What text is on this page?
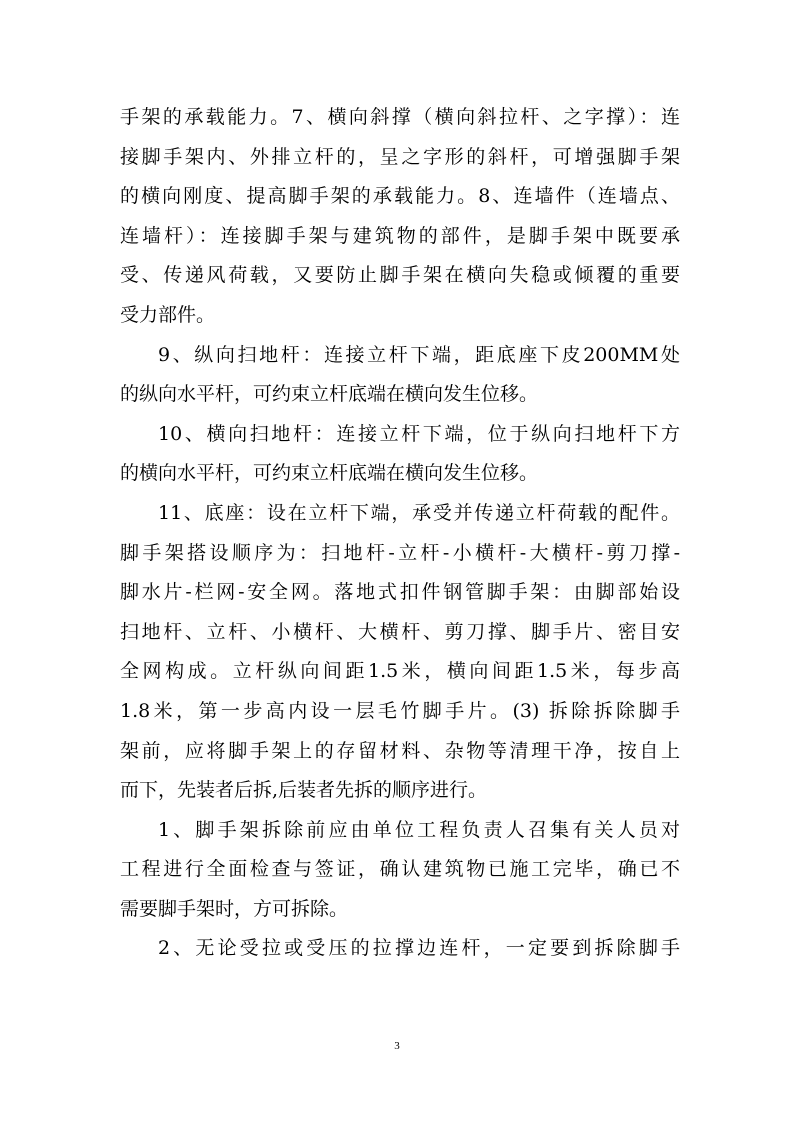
手架的承载能力。7、横向斜撑（横向斜拉杆、之字撑）：连
接脚手架内、外排立杆的，呈之字形的斜杆，可增强脚手架
的横向刚度、提高脚手架的承载能力。8、连墙件（连墙点、
连墙杆）：连接脚手架与建筑物的部件，是脚手架中既要承
受、传递风荷载，又要防止脚手架在横向失稳或倾覆的重要
受力部件。
9、纵向扫地杆：连接立杆下端，距底座下皮200MM处
的纵向水平杆，可约束立杆底端在横向发生位移。
10、横向扫地杆：连接立杆下端，位于纵向扫地杆下方
的横向水平杆，可约束立杆底端在横向发生位移。
11、底座：设在立杆下端，承受并传递立杆荷载的配件。
脚手架搭设顺序为：扫地杆-立杆-小横杆-大横杆-剪刀撑-
脚水片-栏网-安全网。落地式扣件钢管脚手架：由脚部始设
扫地杆、立杆、小横杆、大横杆、剪刀撑、脚手片、密目安
全网构成。立杆纵向间距1.5米，横向间距1.5米，每步高
1.8米，第一步高内设一层毛竹脚手片。(3) 拆除拆除脚手
架前，应将脚手架上的存留材料、杂物等清理干净，按自上
而下，先装者后拆,后装者先拆的顺序进行。
1、脚手架拆除前应由单位工程负责人召集有关人员对
工程进行全面检查与签证，确认建筑物已施工完毕，确已不
需要脚手架时，方可拆除。
2、无论受拉或受压的拉撑边连杆，一定要到拆除脚手
3
